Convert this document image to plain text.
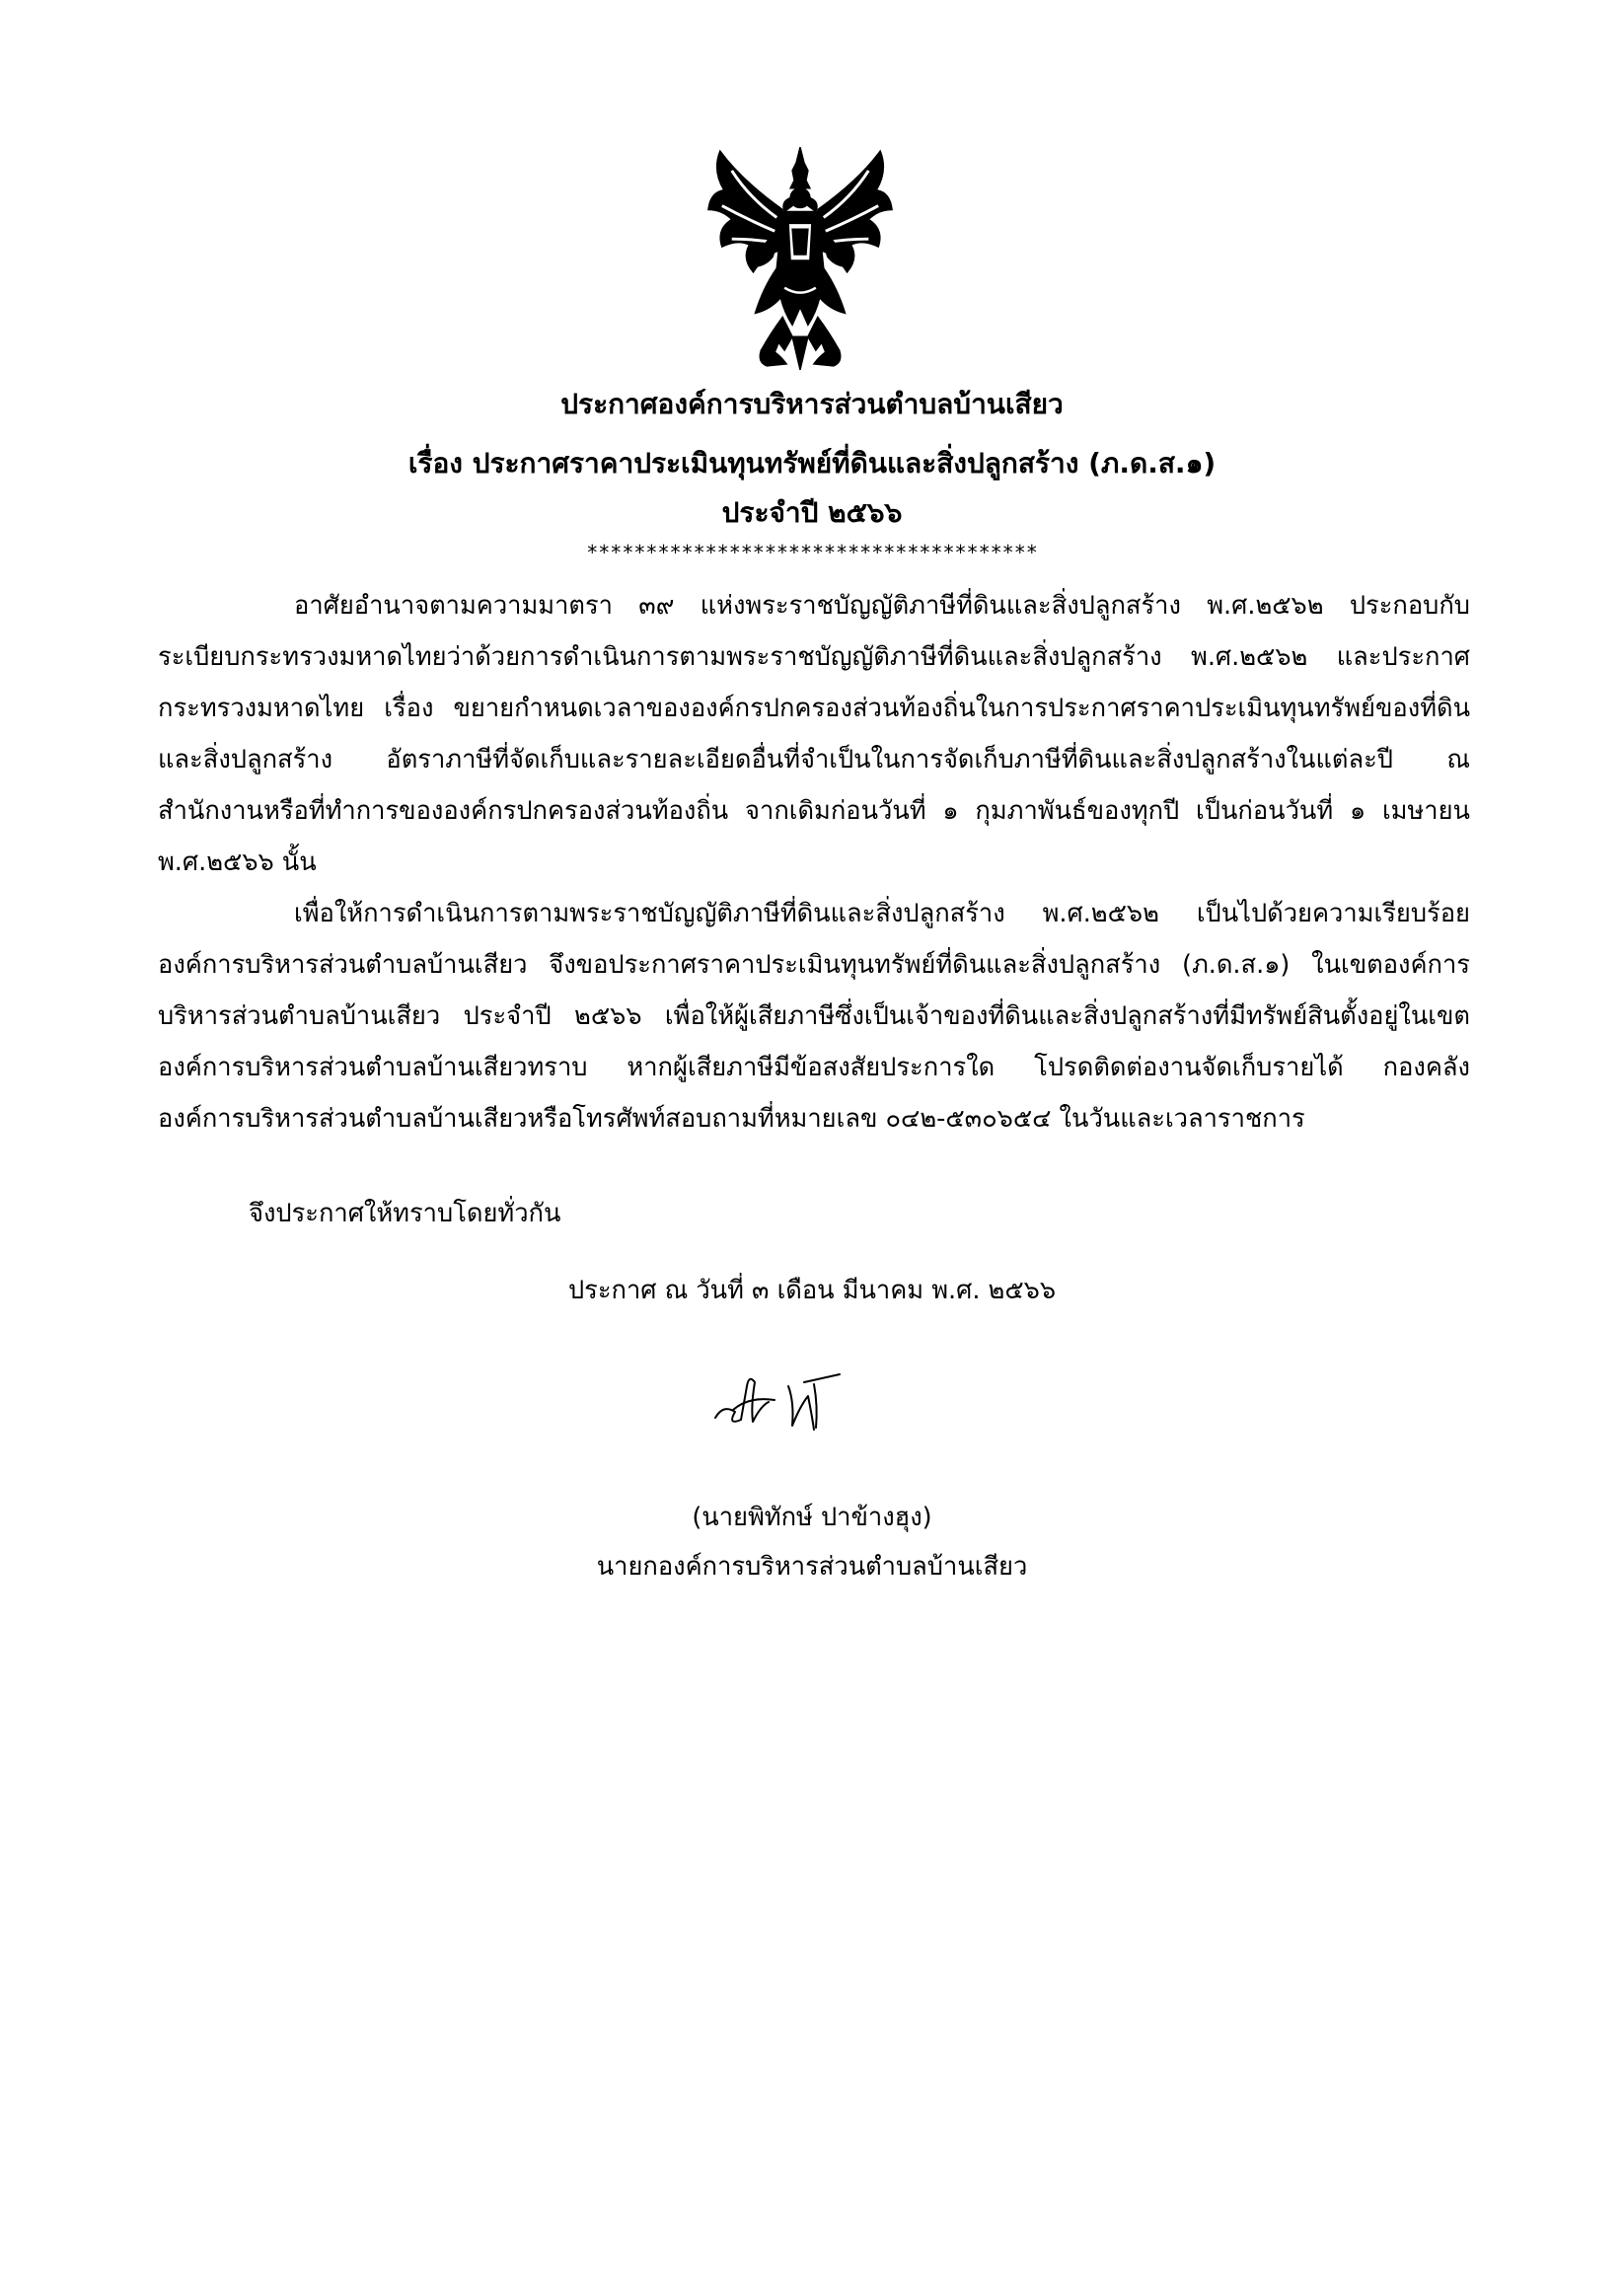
ประกาศองค์การบริหารส่วนตำบลบ้านเสียว
เรื่อง ประกาศราคาประเมินทุนทรัพย์ที่ดินและสิ่งปลูกสร้าง (ภ.ด.ส.๑)
ประจำปี ๒๕๖๖
**************************************
อาศัยอำนาจตามความมาตรา ๓๙ แห่งพระราชบัญญัติภาษีที่ดินและสิ่งปลูกสร้าง พ.ศ.๒๕๖๒ ประกอบกับระเบียบกระทรวงมหาดไทยว่าด้วยการดำเนินการตามพระราชบัญญัติภาษีที่ดินและสิ่งปลูกสร้าง พ.ศ.๒๕๖๒ และประกาศกระทรวงมหาดไทย เรื่อง ขยายกำหนดเวลาขององค์กรปกครองส่วนท้องถิ่นในการประกาศราคาประเมินทุนทรัพย์ของที่ดินและสิ่งปลูกสร้าง อัตราภาษีที่จัดเก็บและรายละเอียดอื่นที่จำเป็นในการจัดเก็บภาษีที่ดินและสิ่งปลูกสร้างในแต่ละปี ณ สำนักงานหรือที่ทำการขององค์กรปกครองส่วนท้องถิ่น จากเดิมก่อนวันที่ ๑ กุมภาพันธ์ของทุกปี เป็นก่อนวันที่ ๑ เมษายน พ.ศ.๒๕๖๖ นั้น
เพื่อให้การดำเนินการตามพระราชบัญญัติภาษีที่ดินและสิ่งปลูกสร้าง พ.ศ.๒๕๖๒ เป็นไปด้วยความเรียบร้อย องค์การบริหารส่วนตำบลบ้านเสียว จึงขอประกาศราคาประเมินทุนทรัพย์ที่ดินและสิ่งปลูกสร้าง (ภ.ด.ส.๑) ในเขตองค์การบริหารส่วนตำบลบ้านเสียว ประจำปี ๒๕๖๖ เพื่อให้ผู้เสียภาษีซึ่งเป็นเจ้าของที่ดินและสิ่งปลูกสร้างที่มีทรัพย์สินตั้งอยู่ในเขตองค์การบริหารส่วนตำบลบ้านเสียวทราบ หากผู้เสียภาษีมีข้อสงสัยประการใด โปรดติดต่องานจัดเก็บรายได้ กองคลัง องค์การบริหารส่วนตำบลบ้านเสียวหรือโทรศัพท์สอบถามที่หมายเลข ๐๔๒-๕๓๐๖๕๔ ในวันและเวลาราชการ
จึงประกาศให้ทราบโดยทั่วกัน
ประกาศ ณ วันที่ ๓ เดือน มีนาคม พ.ศ. ๒๕๖๖
(นายพิทักษ์ ปาข้างฮุง)
นายกองค์การบริหารส่วนตำบลบ้านเสียว
